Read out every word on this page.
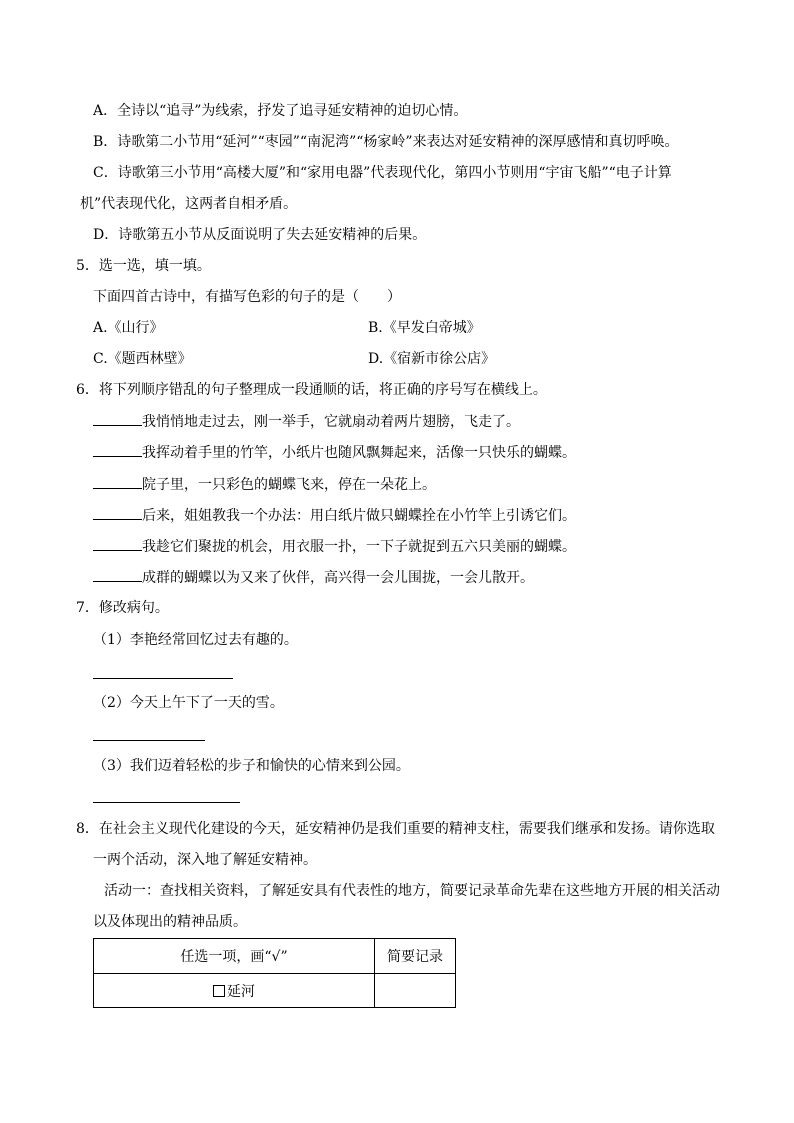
A．全诗以“追寻”为线索，抒发了追寻延安精神的迫切心情。
B．诗歌第二小节用“延河”“枣园”“南泥湾”“杨家岭”来表达对延安精神的深厚感情和真切呼唤。
C．诗歌第三小节用“高楼大厦”和“家用电器”代表现代化，第四小节则用“宇宙飞船”“电子计算
机”代表现代化，这两者自相矛盾。
D．诗歌第五小节从反面说明了失去延安精神的后果。
5．选一选，填一填。
下面四首古诗中，有描写色彩的句子的是（　　）
A.《山行》	B.《早发白帝城》
C.《题西林壁》	D.《宿新市徐公店》
6．将下列顺序错乱的句子整理成一段通顺的话，将正确的序号写在横线上。
我悄悄地走过去，刚一举手，它就扇动着两片翅膀，飞走了。
我挥动着手里的竹竿，小纸片也随风飘舞起来，活像一只快乐的蝴蝶。
院子里，一只彩色的蝴蝶飞来，停在一朵花上。
后来，姐姐教我一个办法：用白纸片做只蝴蝶拴在小竹竿上引诱它们。
我趁它们聚拢的机会，用衣服一扑，一下子就捉到五六只美丽的蝴蝶。
成群的蝴蝶以为又来了伙伴，高兴得一会儿围拢，一会儿散开。
7．修改病句。
（1）李艳经常回忆过去有趣的。
（2）今天上午下了一天的雪。
（3）我们迈着轻松的步子和愉快的心情来到公园。
8．在社会主义现代化建设的今天，延安精神仍是我们重要的精神支柱，需要我们继承和发扬。请你选取
一两个活动，深入地了解延安精神。
活动一：查找相关资料，了解延安具有代表性的地方，简要记录革命先辈在这些地方开展的相关活动
以及体现出的精神品质。
任选一项，画“√”	简要记录
延河	
